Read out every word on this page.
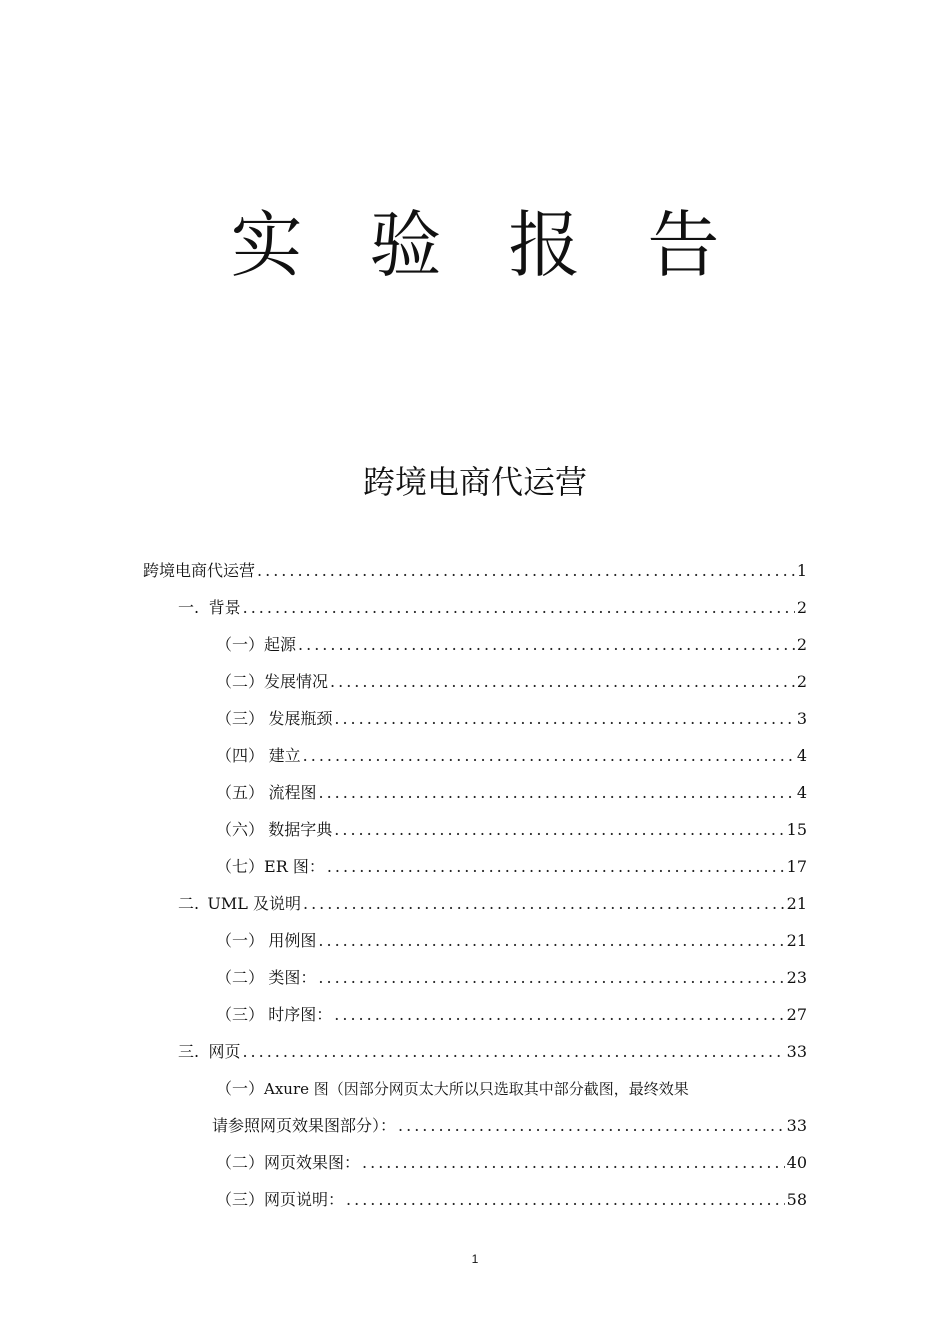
实 验 报 告
跨境电商代运营
跨境电商代运营 .....	1
一. 背景 .....	2
（一） 起源 .....	2
（二） 发展情况 .....	2
（三） 发展瓶颈 .....	3
（四） 建立 .....	4
（五） 流程图 .....	4
（六） 数据字典 .....	15
（七） ER 图： .....	17
二. UML 及说明 .....	21
（一） 用例图 .....	21
（二） 类图： .....	23
（三） 时序图： .....	27
三. 网页 .....	33
（一） Axure 图（因部分网页太大所以只选取其中部分截图，最终效果
请参照网页效果图部分）： .....	33
（二） 网页效果图： .....	40
（三） 网页说明： .....	58
1
